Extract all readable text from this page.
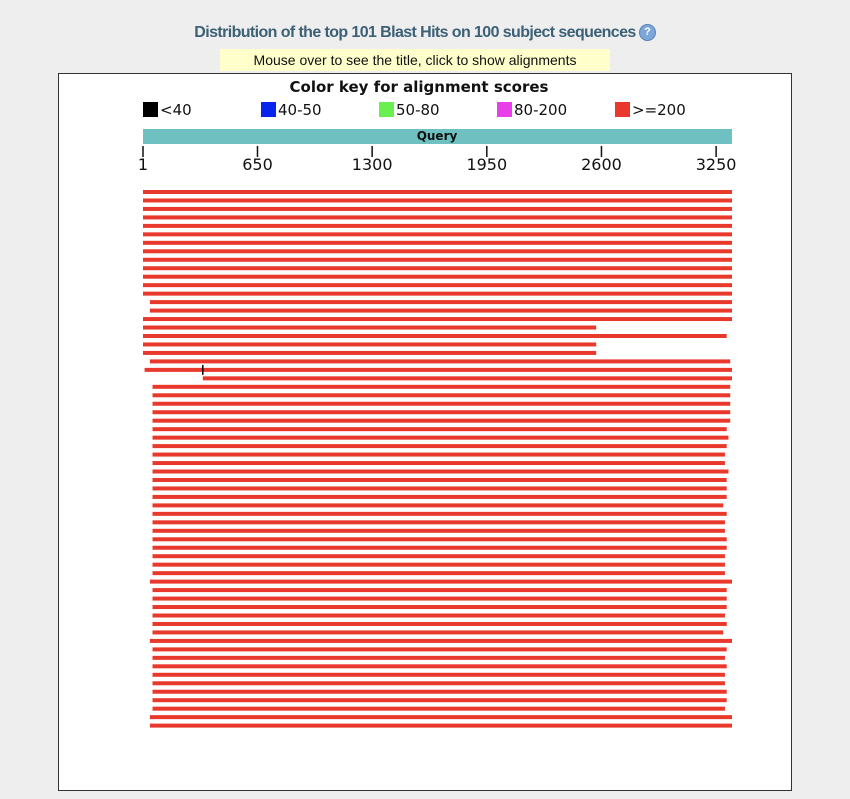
Distribution of the top 101 Blast Hits on 100 subject sequences ?
Mouse over to see the title, click to show alignments
Color key for alignment scores
<40	40-50	50-80	80-200	>=200
Query
1	650	1300	1950	2600	3250
